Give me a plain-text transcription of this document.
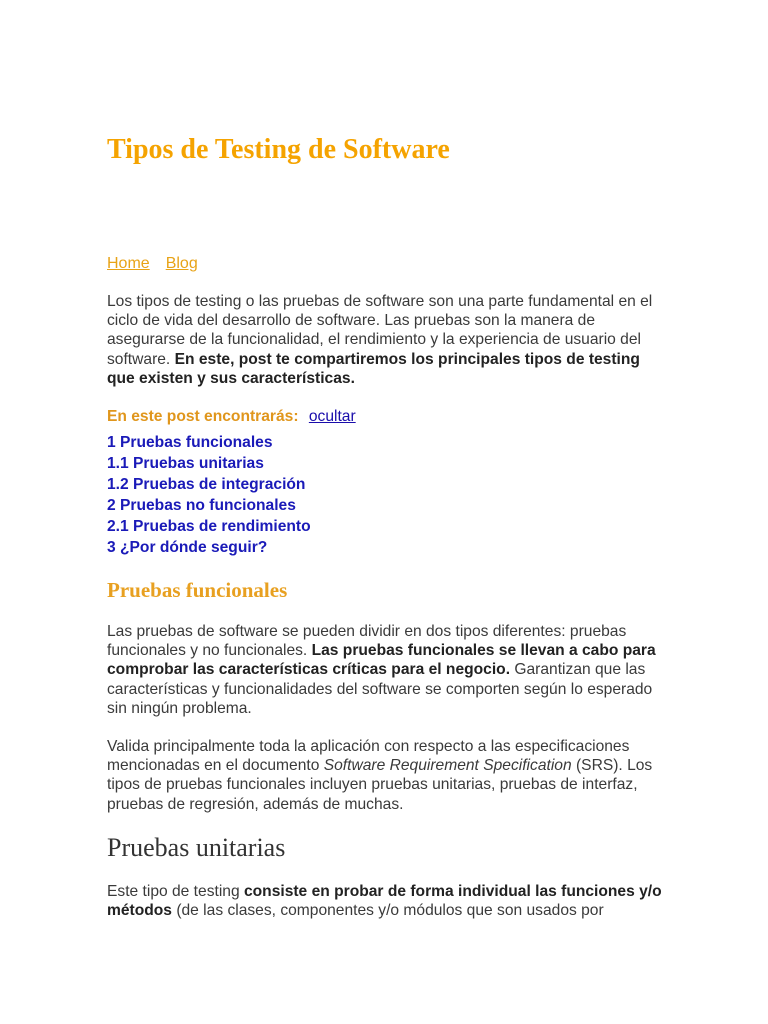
Tipos de Testing de Software
Home Blog

Los tipos de testing o las pruebas de software son una parte fundamental en el ciclo de vida del desarrollo de software. Las pruebas son la manera de asegurarse de la funcionalidad, el rendimiento y la experiencia de usuario del software. En este, post te compartiremos los principales tipos de testing que existen y sus características.

En este post encontrarás: ocultar
1 Pruebas funcionales
1.1 Pruebas unitarias
1.2 Pruebas de integración
2 Pruebas no funcionales
2.1 Pruebas de rendimiento
3 ¿Por dónde seguir?
Pruebas funcionales

Las pruebas de software se pueden dividir en dos tipos diferentes: pruebas funcionales y no funcionales. Las pruebas funcionales se llevan a cabo para comprobar las características críticas para el negocio. Garantizan que las características y funcionalidades del software se comporten según lo esperado sin ningún problema.

Valida principalmente toda la aplicación con respecto a las especificaciones mencionadas en el documento Software Requirement Specification (SRS). Los tipos de pruebas funcionales incluyen pruebas unitarias, pruebas de interfaz, pruebas de regresión, además de muchas.

Pruebas unitarias

Este tipo de testing consiste en probar de forma individual las funciones y/o métodos (de las clases, componentes y/o módulos que son usados por
